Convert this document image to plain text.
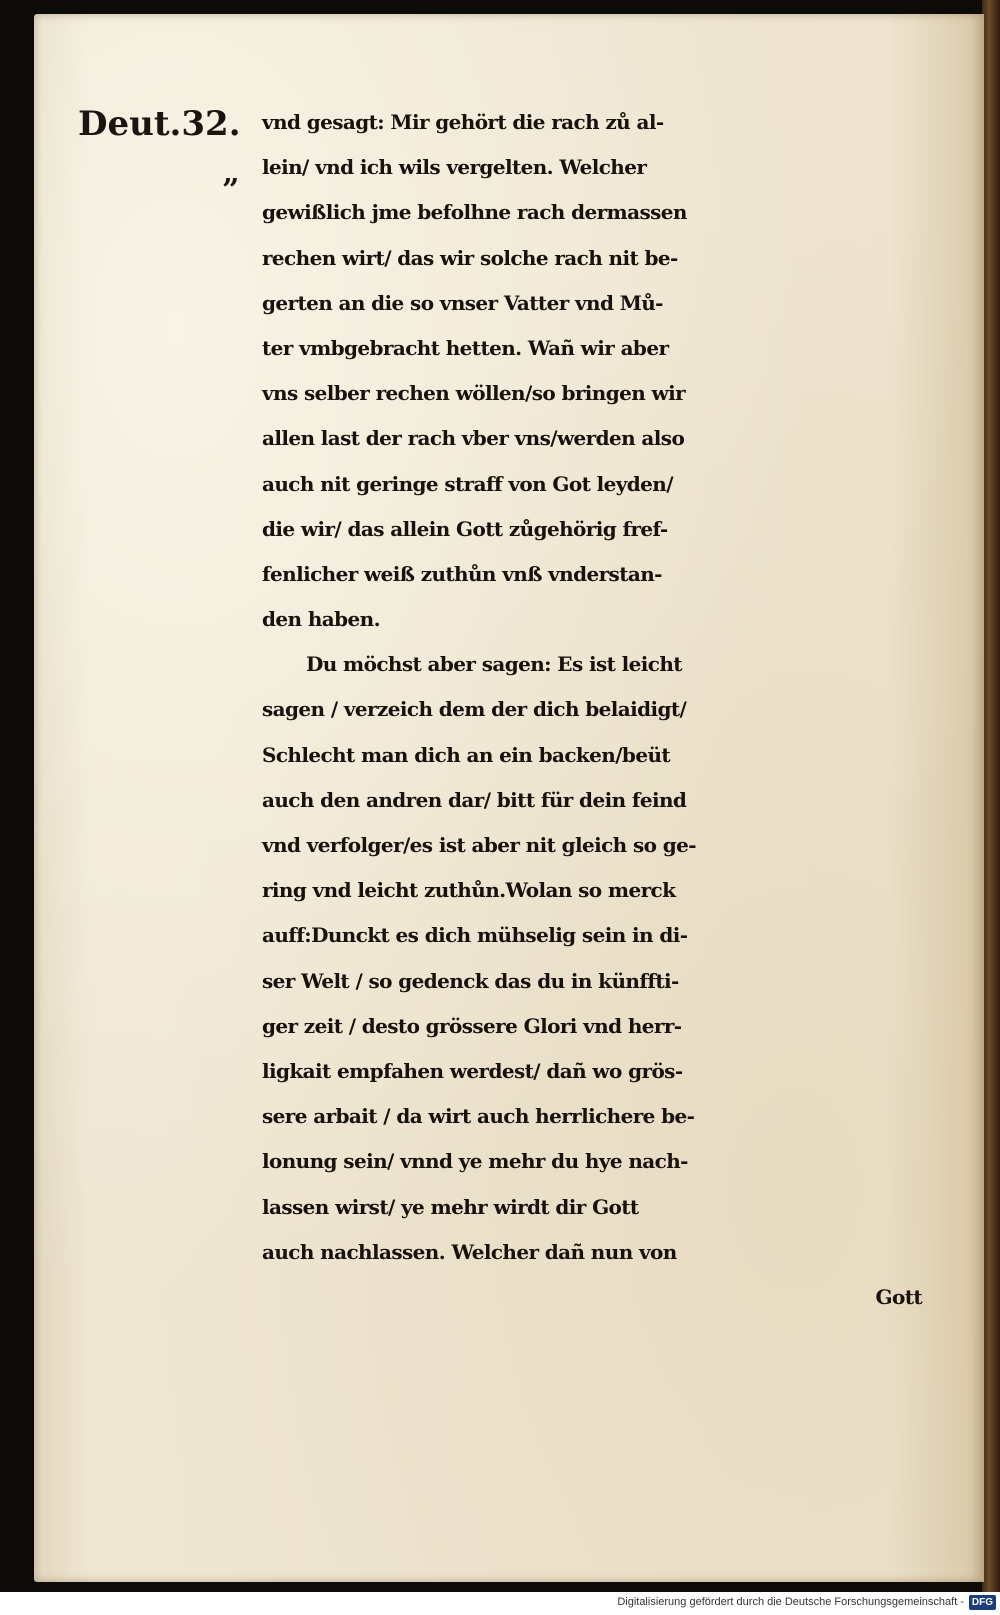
Deut.32.
”
vnd gesagt: Mir gehört die rach zů al-
lein/ vnd ich wils vergelten. Welcher
gewißlich jme befolhne rach dermassen
rechen wirt/ das wir solche rach nit be-
gerten an die so vnser Vatter vnd Mů-
ter vmbgebracht hetten. Wañ wir aber
vns selber rechen wöllen/so bringen wir
allen last der rach vber vns/werden also
auch nit geringe straff von Got leyden/
die wir/ das allein Gott zůgehörig fref-
fenlicher weiß zuthůn vnß vnderstan-
den haben.
Du möchst aber sagen: Es ist leicht
sagen / verzeich dem der dich belaidigt/
Schlecht man dich an ein backen/beüt
auch den andren dar/ bitt für dein feind
vnd verfolger/es ist aber nit gleich so ge-
ring vnd leicht zuthůn.Wolan so merck
auff:Dunckt es dich mühselig sein in di-
ser Welt / so gedenck das du in künffti-
ger zeit / desto grössere Glori vnd herr-
ligkait empfahen werdest/ dañ wo grös-
sere arbait / da wirt auch herrlichere be-
lonung sein/ vnnd ye mehr du hye nach-
lassen wirst/ ye mehr wirdt dir Gott
auch nachlassen. Welcher dañ nun von
Gott
Digitalisierung gefördert durch die Deutsche Forschungsgemeinschaft - DFG
